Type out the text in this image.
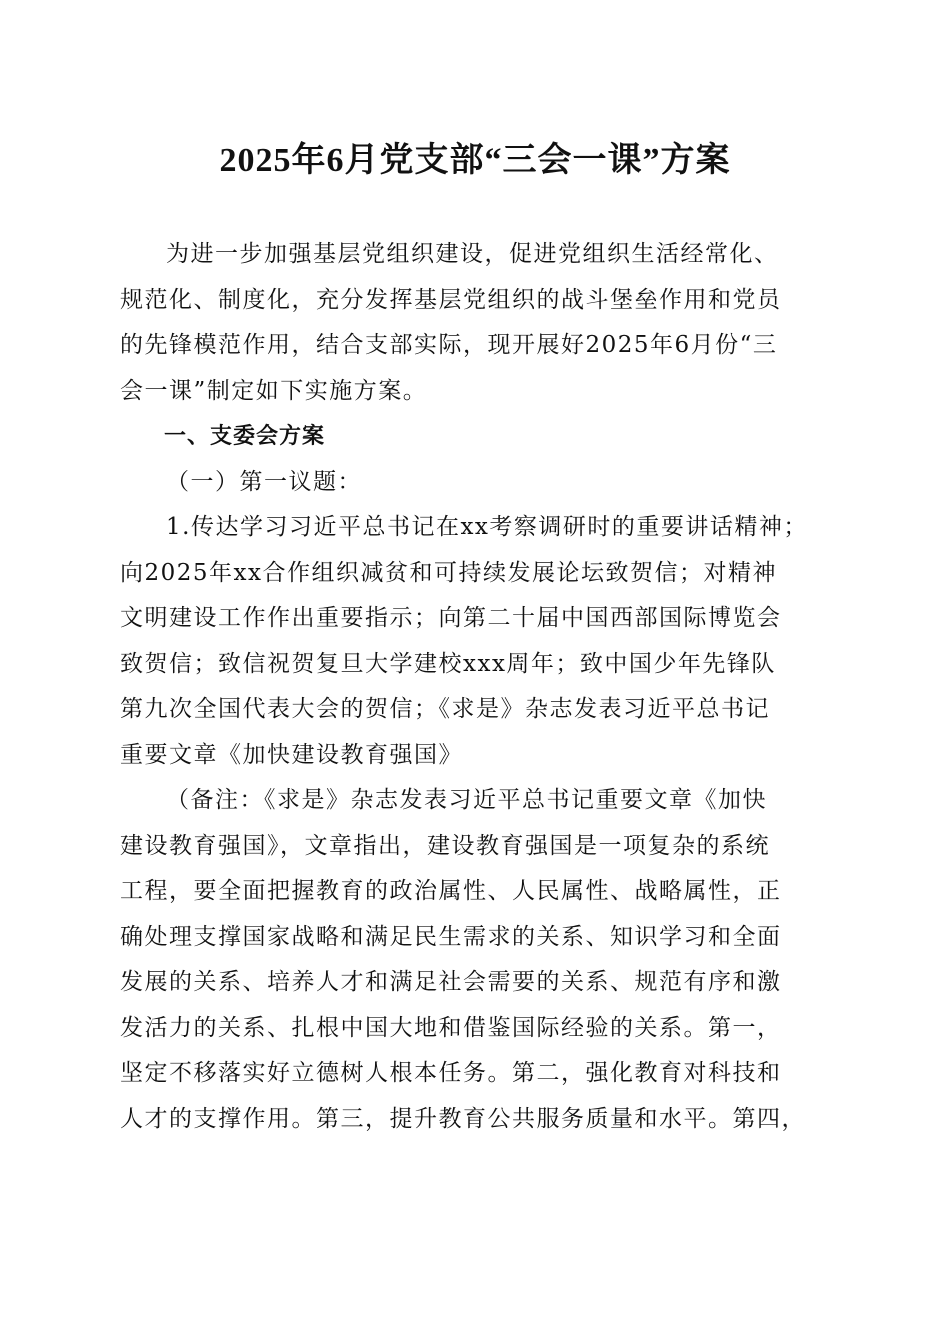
2025年6月党支部“三会一课”方案

为进一步加强基层党组织建设，促进党组织生活经常化、
规范化、制度化，充分发挥基层党组织的战斗堡垒作用和党员
的先锋模范作用，结合支部实际，现开展好2025年6月份“三
会一课”制定如下实施方案。

一、支委会方案

（一）第一议题：

1.传达学习习近平总书记在xx考察调研时的重要讲话精神；
向2025年xx合作组织减贫和可持续发展论坛致贺信；对精神
文明建设工作作出重要指示；向第二十届中国西部国际博览会
致贺信；致信祝贺复旦大学建校xxx周年；致中国少年先锋队
第九次全国代表大会的贺信；《求是》杂志发表习近平总书记
重要文章《加快建设教育强国》

（备注：《求是》杂志发表习近平总书记重要文章《加快
建设教育强国》，文章指出，建设教育强国是一项复杂的系统
工程，要全面把握教育的政治属性、人民属性、战略属性，正
确处理支撑国家战略和满足民生需求的关系、知识学习和全面
发展的关系、培养人才和满足社会需要的关系、规范有序和激
发活力的关系、扎根中国大地和借鉴国际经验的关系。第一，
坚定不移落实好立德树人根本任务。第二，强化教育对科技和
人才的支撑作用。第三，提升教育公共服务质量和水平。第四，
